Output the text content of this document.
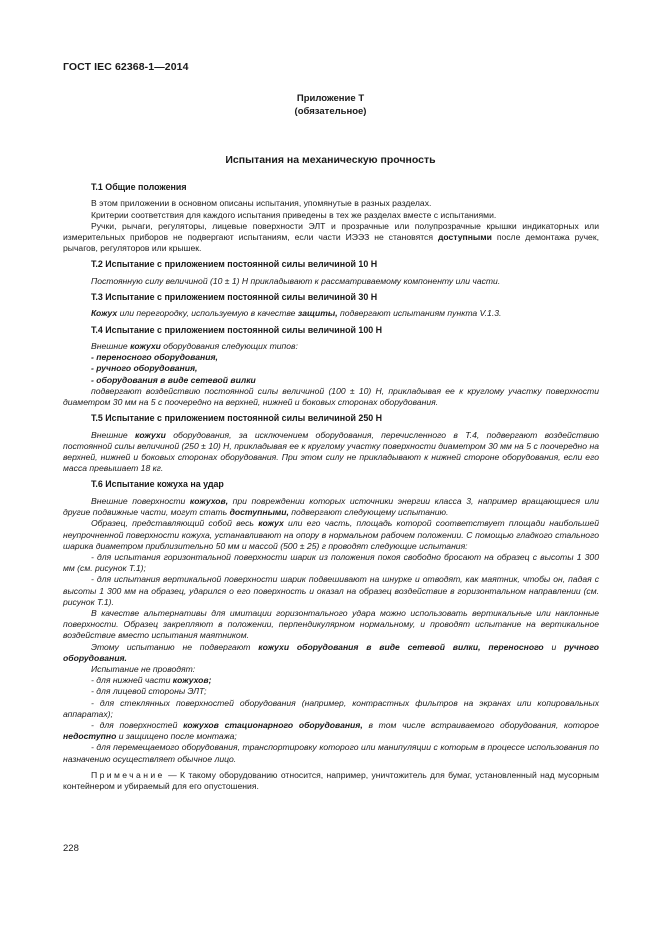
ГОСТ IEC 62368-1—2014
Приложение Т
(обязательное)
Испытания на механическую прочность

Т.1 Общие положения

В этом приложении в основном описаны испытания, упомянутые в разных разделах.

Критерии соответствия для каждого испытания приведены в тех же разделах вместе с испытаниями.

Ручки, рычаги, регуляторы, лицевые поверхности ЭЛТ и прозрачные или полупрозрачные крышки индикаторных или измерительных приборов не подвергают испытаниям, если части ИЭЭЗ не становятся доступными после демонтажа ручек, рычагов, регуляторов или крышек.

Т.2 Испытание с приложением постоянной силы величиной 10 Н

Постоянную силу величиной (10 ± 1) Н прикладывают к рассматриваемому компоненту или части.

Т.3 Испытание с приложением постоянной силы величиной 30 Н

Кожух или перегородку, используемую в качестве защиты, подвергают испытаниям пункта V.1.3.

Т.4 Испытание с приложением постоянной силы величиной 100 Н

Внешние кожухи оборудования следующих типов:

- переносного оборудования,

- ручного оборудования,

- оборудования в виде сетевой вилки

подвергают воздействию постоянной силы величиной (100 ± 10) Н, прикладывая ее к круглому участку поверхности диаметром 30 мм на 5 с поочередно на верхней, нижней и боковых сторонах оборудования.

Т.5 Испытание с приложением постоянной силы величиной 250 Н

Внешние кожухи оборудования, за исключением оборудования, перечисленного в Т.4, подвергают воздействию постоянной силы величиной (250 ± 10) Н, прикладывая ее к круглому участку поверхности диаметром 30 мм на 5 с поочередно на верхней, нижней и боковых сторонах оборудования. При этом силу не прикладывают к нижней стороне оборудования, если его масса превышает 18 кг.

Т.6 Испытание кожуха на удар

Внешние поверхности кожухов, при повреждении которых источники энергии класса 3, например вращающиеся или другие подвижные части, могут стать доступными, подвергают следующему испытанию.

Образец, представляющий собой весь кожух или его часть, площадь которой соответствует площади наибольшей неупрочненной поверхности кожуха, устанавливают на опору в нормальном рабочем положении. С помощью гладкого стального шарика диаметром приблизительно 50 мм и массой (500 ± 25) г проводят следующие испытания:

- для испытания горизонтальной поверхности шарик из положения покоя свободно бросают на образец с высоты 1 300 мм (см. рисунок Т.1);

- для испытания вертикальной поверхности шарик подвешивают на шнурке и отводят, как маятник, чтобы он, падая с высоты 1 300 мм на образец, ударился о его поверхность и оказал на образец воздействие в горизонтальном направлении (см. рисунок Т.1).

В качестве альтернативы для имитации горизонтального удара можно использовать вертикальные или наклонные поверхности. Образец закрепляют в положении, перпендикулярном нормальному, и проводят испытание на вертикальное воздействие вместо испытания маятником.

Этому испытанию не подвергают кожухи оборудования в виде сетевой вилки, переносного и ручного оборудования.

Испытание не проводят:

- для нижней части кожухов;

- для лицевой стороны ЭЛТ;

- для стеклянных поверхностей оборудования (например, контрастных фильтров на экранах или копировальных аппаратах);

- для поверхностей кожухов стационарного оборудования, в том числе встраиваемого оборудования, которое недоступно и защищено после монтажа;

- для перемещаемого оборудования, транспортировку которого или манипуляции с которым в процессе использования по назначению осуществляет обычное лицо.

Примечание — К такому оборудованию относится, например, уничтожитель для бумаг, установленный над мусорным контейнером и убираемый для его опустошения.

228
